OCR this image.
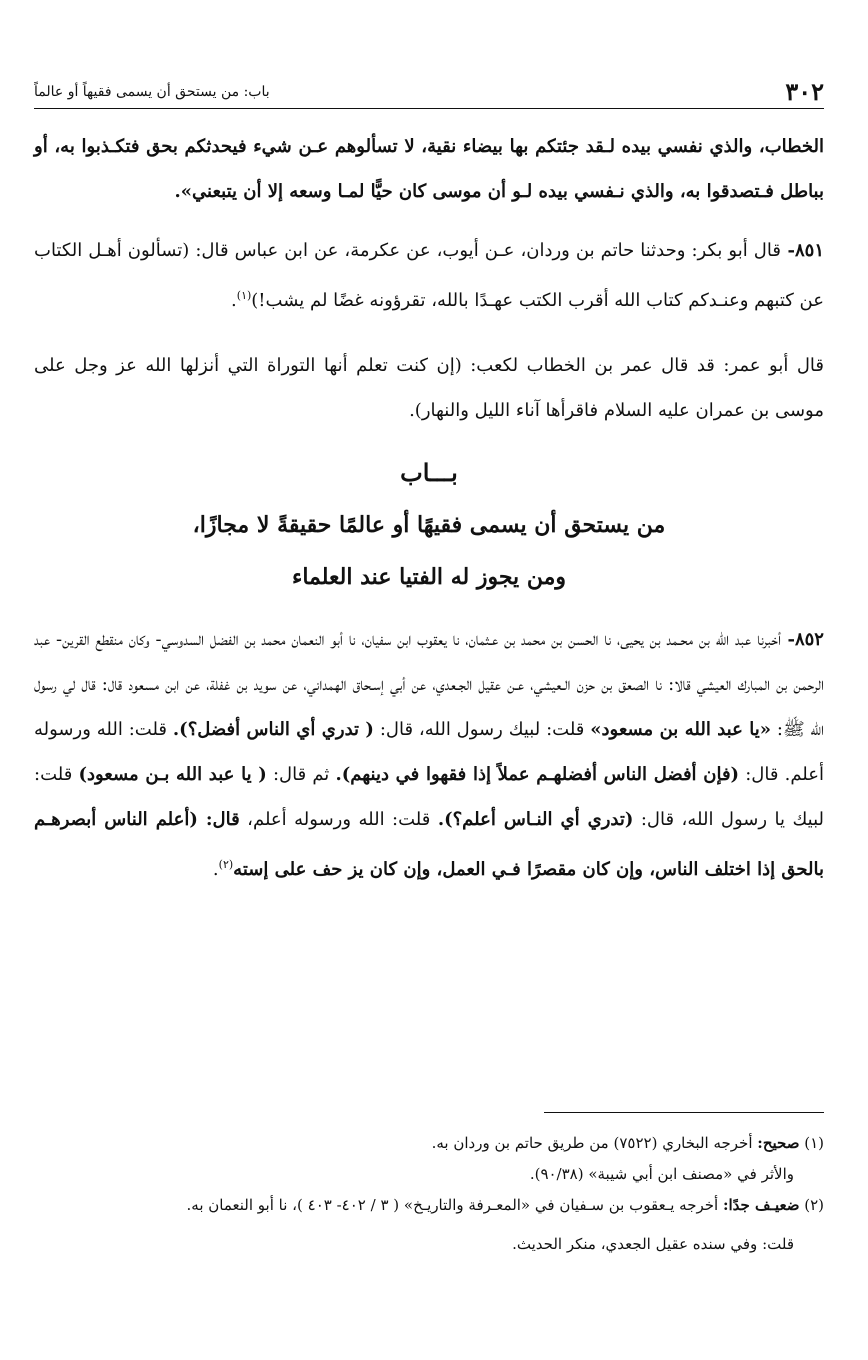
٣٠٢
باب: من يستحق أن يسمى فقيهاً أو عالماً

الخطاب، والذي نفسي بيده لـقد جئتكم بها بيضاء نقية، لا تسألوهم عـن شيء فيحدثكم بحق فتكـذبوا به، أو بباطل فـتصدقوا به، والذي نـفسي بيده لـو أن موسى كان حيًّا لمـا وسعه إلا أن يتبعني».

٨٥١- قال أبو بكر: وحدثنا حاتم بن وردان، عـن أيوب، عن عكرمة، عن ابن عباس قال: (تسألون أهـل الكتاب عن كتبهم وعنـدكم كتاب الله أقرب الكتب عهـدًا بالله، تقرؤونه غضًا لم يشب!)$^{(١)}$.

قال أبو عمر: قد قال عمر بن الخطاب لكعب: (إن كنت تعلم أنها التوراة التي أنزلها الله عز وجل على موسى بن عمران عليه السلام فاقرأها آناء الليل والنهار).

بـــاب
من يستحق أن يسمى فقيهًا أو عالمًا حقيقةً لا مجازًا،
ومن يجوز له الفتيا عند العلماء

٨٥٢- أخبرنا عبد الله بن محـمد بن يحيى، نا الحسن بن محمد بن عـثمان، نا يعقوب ابن سفيان، نا أبو النعمان محمد بن الفضل السدوسي- وكان منقطع القرين- عبد الرحمن بن المبارك العيشي قالا: نا الصعق بن حزن الـعيشي، عـن عقيل الجـعدي، عن أبي إسـحاق الهمداني، عن سويد بن غفلة، عن ابن مسعود قال: قال لي رسول الله ﷺ: «يا عبد الله بن مسعود» قلت: لبيك رسول الله، قال: ( تدري أي الناس أفضل؟). قلت: الله ورسوله أعلم. قال: (فإن أفضل الناس أفضلهـم عملاً إذا فقهوا في دينهم). ثم قال: ( يا عبد الله بـن مسعود) قلت: لبيك يا رسول الله، قال: (تدري أي النـاس أعلم؟). قلت: الله ورسوله أعلم، قال: (أعلم الناس أبصرهـم بالحق إذا اختلف الناس، وإن كان مقصرًا فـي العمل، وإن كان يز حف على إسته$^{(٢)}$.

(١) صحيح: أخرجه البخاري (٧٥٢٢) من طريق حاتم بن وردان به.

والأثر في «مصنف ابن أبي شيبة» (٩٠/٣٨).

(٢) ضعيـف جدًا: أخرجه يـعقوب بن سـفيان في «المعـرفة والتاريـخ» ( ٣ / ٤٠٢- ٤٠٣ )، نا أبو النعمان به.

قلت: وفي سنده عقيل الجعدي، منكر الحديث.
